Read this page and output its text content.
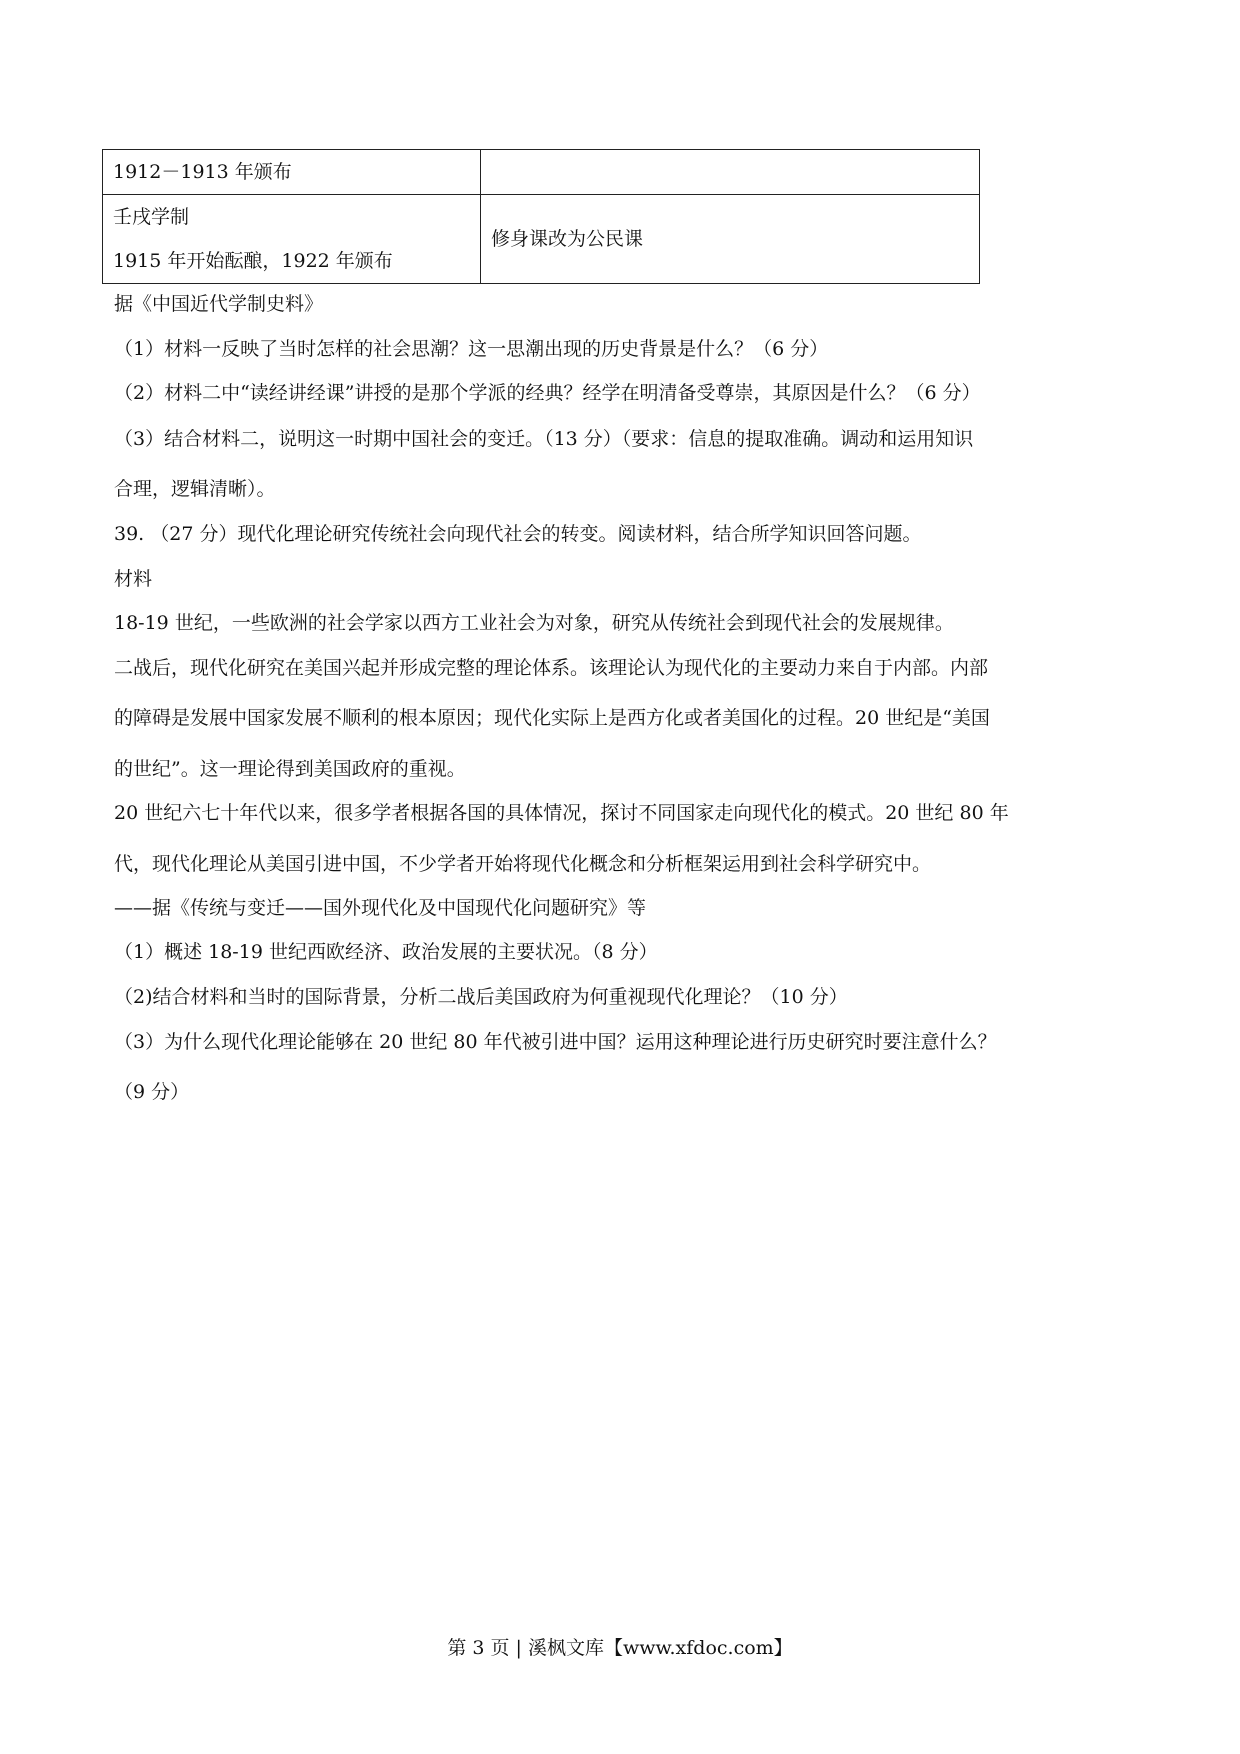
1912－1913 年颁布	

壬戌学制
1915 年开始酝酿，1922 年颁布	修身课改为公民课
据《中国近代学制史料》
（1）材料一反映了当时怎样的社会思潮？这一思潮出现的历史背景是什么？（6 分）
（2）材料二中“读经讲经课”讲授的是那个学派的经典？经学在明清备受尊崇，其原因是什么？（6 分）
（3）结合材料二，说明这一时期中国社会的变迁。（13 分）（要求：信息的提取准确。调动和运用知识
合理，逻辑清晰）。
39. （27 分）现代化理论研究传统社会向现代社会的转变。阅读材料，结合所学知识回答问题。
材料
18-19 世纪，一些欧洲的社会学家以西方工业社会为对象，研究从传统社会到现代社会的发展规律。
二战后，现代化研究在美国兴起并形成完整的理论体系。该理论认为现代化的主要动力来自于内部。内部
的障碍是发展中国家发展不顺利的根本原因；现代化实际上是西方化或者美国化的过程。20 世纪是“美国
的世纪”。这一理论得到美国政府的重视。
20 世纪六七十年代以来，很多学者根据各国的具体情况，探讨不同国家走向现代化的模式。20 世纪 80 年
代，现代化理论从美国引进中国，不少学者开始将现代化概念和分析框架运用到社会科学研究中。
——据《传统与变迁——国外现代化及中国现代化问题研究》等
（1）概述 18-19 世纪西欧经济、政治发展的主要状况。（8 分）
（2)结合材料和当时的国际背景，分析二战后美国政府为何重视现代化理论？（10 分）
（3）为什么现代化理论能够在 20 世纪 80 年代被引进中国？运用这种理论进行历史研究时要注意什么？
（9 分）
第 3 页 | 溪枫文库【www.xfdoc.com】
